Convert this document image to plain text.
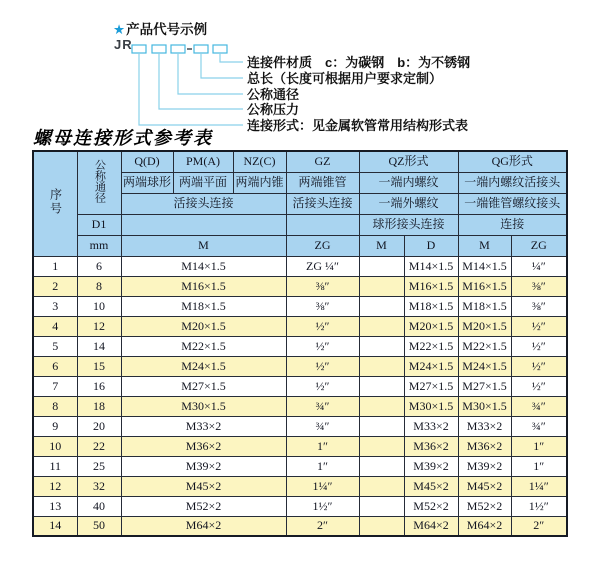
★产品代号示例
JR
连接件材质　c：为碳钢　b：为不锈钢
总长（长度可根据用户要求定制）
公称通径
公称压力
连接形式：见金属软管常用结构形式表
螺母连接形式参考表
序号	公称通径	Q(D)	PM(A)	NZ(C)	GZ	QZ形式		QG形式	
		两端球形	两端平面	两端内锥	两端锥管	一端内螺纹		一端内螺纹活接头	
		活接头连接			活接头连接	一端外螺纹		一端锥管螺纹接头	
	D1					球形接头连接		连接	
	mm	M			ZG	M	D	M	ZG
1	6	M14×1.5			ZG ¼″		M14×1.5	M14×1.5	¼″
2	8	M16×1.5			⅜″		M16×1.5	M16×1.5	⅜″
3	10	M18×1.5			⅜″		M18×1.5	M18×1.5	⅜″
4	12	M20×1.5			½″		M20×1.5	M20×1.5	½″
5	14	M22×1.5			½″		M22×1.5	M22×1.5	½″
6	15	M24×1.5			½″		M24×1.5	M24×1.5	½″
7	16	M27×1.5			½″		M27×1.5	M27×1.5	½″
8	18	M30×1.5			¾″		M30×1.5	M30×1.5	¾″
9	20	M33×2			¾″		M33×2	M33×2	¾″
10	22	M36×2			1″		M36×2	M36×2	1″
11	25	M39×2			1″		M39×2	M39×2	1″
12	32	M45×2			1¼″		M45×2	M45×2	1¼″
13	40	M52×2			1½″		M52×2	M52×2	1½″
14	50	M64×2			2″		M64×2	M64×2	2″
